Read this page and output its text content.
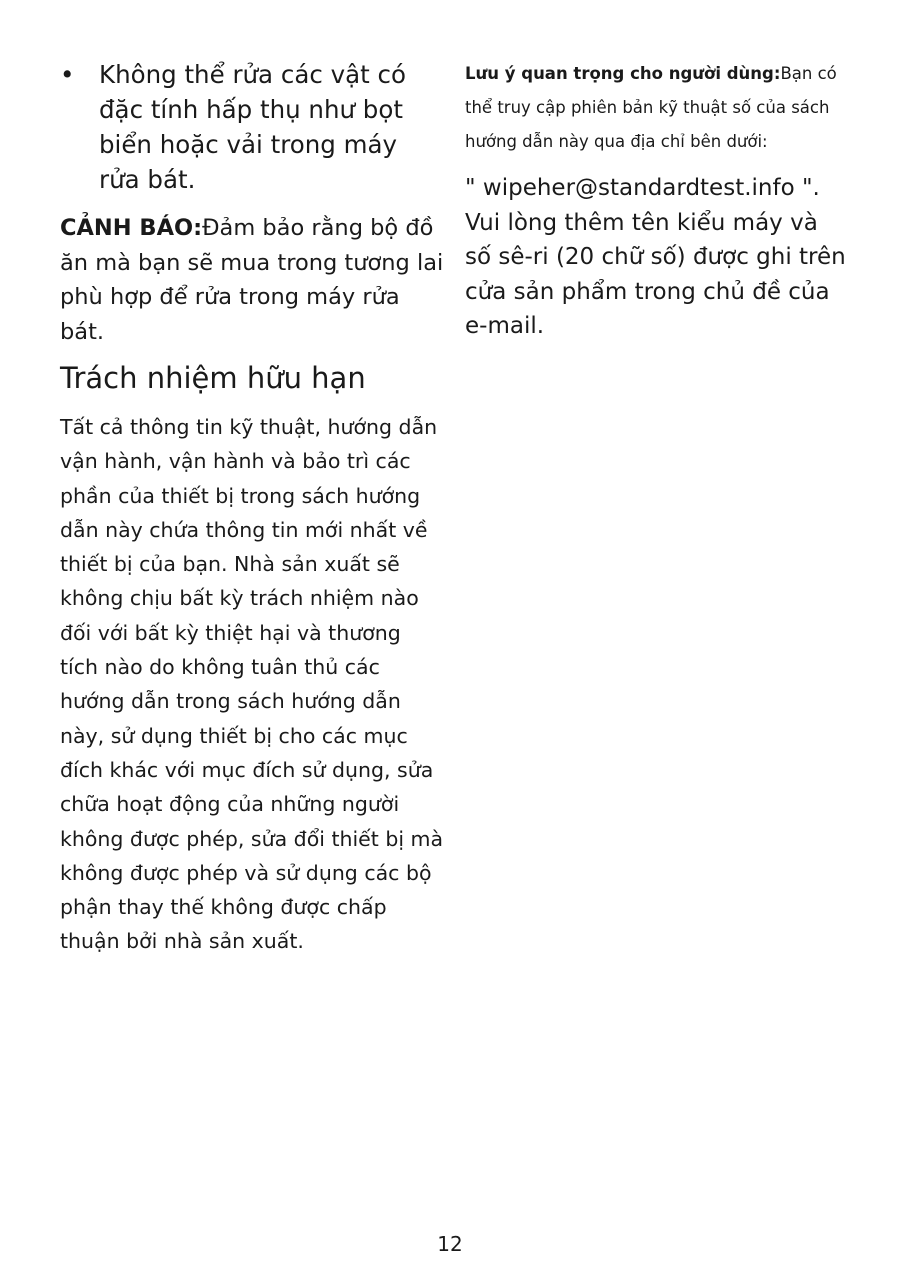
• Không thể rửa các vật có đặc tính hấp thụ như bọt biển hoặc vải trong máy rửa bát.

CẢNH BÁO:Đảm bảo rằng bộ đồ ăn mà bạn sẽ mua trong tương lai phù hợp để rửa trong máy rửa bát.

Trách nhiệm hữu hạn

Tất cả thông tin kỹ thuật, hướng dẫn vận hành, vận hành và bảo trì các phần của thiết bị trong sách hướng dẫn này chứa thông tin mới nhất về thiết bị của bạn. Nhà sản xuất sẽ không chịu bất kỳ trách nhiệm nào đối với bất kỳ thiệt hại và thương tích nào do không tuân thủ các hướng dẫn trong sách hướng dẫn này, sử dụng thiết bị cho các mục đích khác với mục đích sử dụng, sửa chữa hoạt động của những người không được phép, sửa đổi thiết bị mà không được phép và sử dụng các bộ phận thay thế không được chấp thuận bởi nhà sản xuất.

Lưu ý quan trọng cho người dùng:Bạn có thể truy cập phiên bản kỹ thuật số của sách hướng dẫn này qua địa chỉ bên dưới:

" wipeher@standardtest.info ". Vui lòng thêm tên kiểu máy và số sê-ri (20 chữ số) được ghi trên cửa sản phẩm trong chủ đề của e-mail.

12
